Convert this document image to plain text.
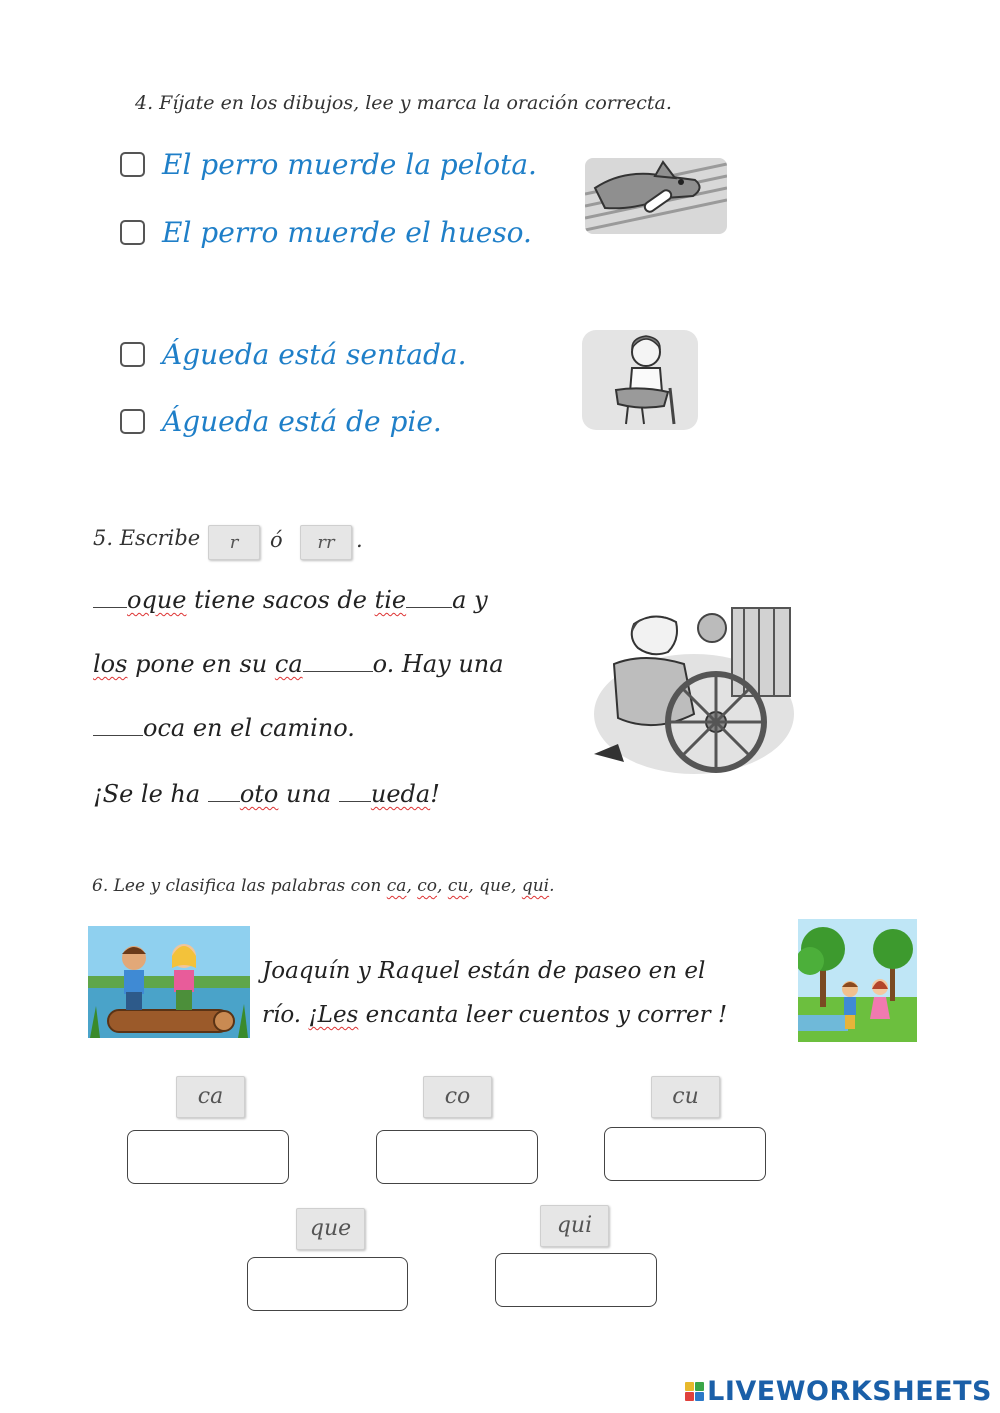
4. Fíjate en los dibujos, lee y marca la oración correcta.
El perro muerde la pelota.
El perro muerde el hueso.
Águeda está sentada.
Águeda está de pie.
5. Escribe	r	ó	rr	.
oque tiene sacos de tie a y
los pone en su ca	o. Hay una
oca en el camino.
¡Se le ha oto una ueda!
6. Lee y clasifica las palabras con ca, co, cu, que, qui.
Joaquín y Raquel están de paseo en el
río. ¡Les encanta leer cuentos y correr !
ca	co	cu
que	qui
LIVEWORKSHEETS
